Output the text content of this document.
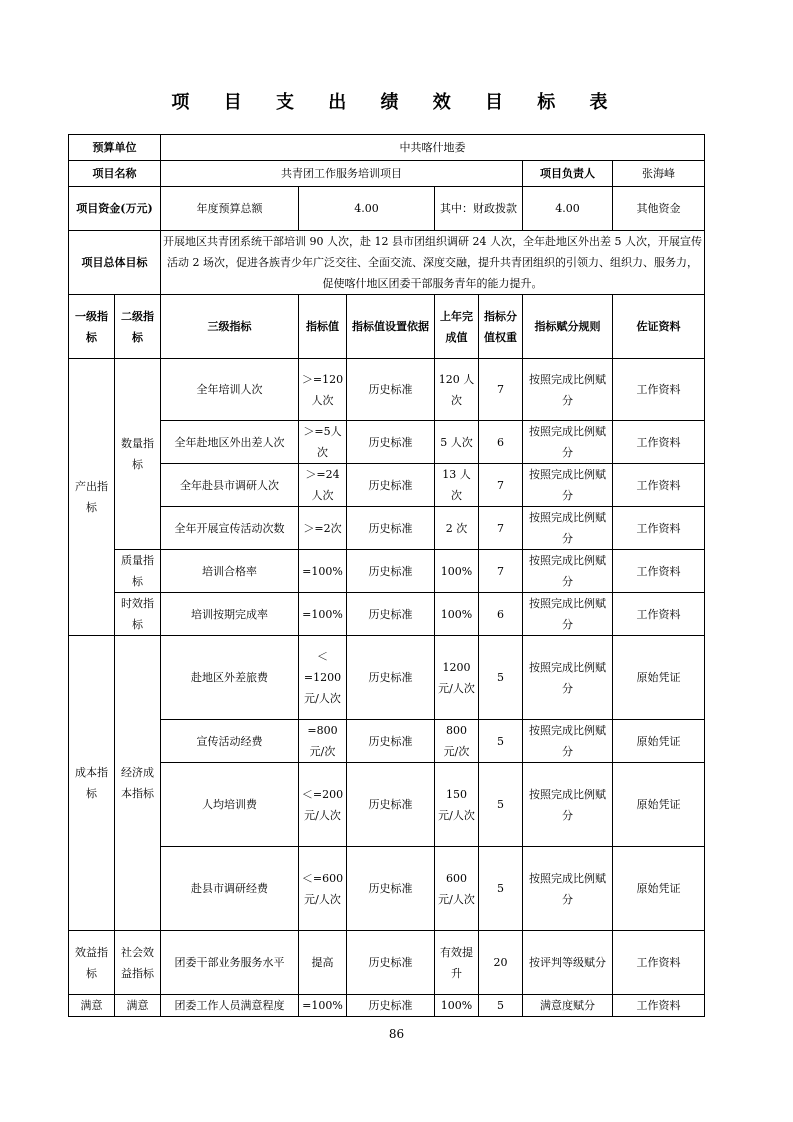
项 目 支 出 绩 效 目 标 表
预算单位		中共喀什地委							
项目名称		共青团工作服务培训项目					项目负责人	张海峰	
项目资金(万元)		年度预算总额	4.00		其中：财政拨款		4.00	其他资金	
项目总体目标		开展地区共青团系统干部培训 90 人次，赴 12 县市团组织调研 24 人次，全年赴地区外出差 5 人次，开展宣传活动 2 场次，促进各族青少年广泛交往、全面交流、深度交融，提升共青团组织的引领力、组织力、服务力，促使喀什地区团委干部服务青年的能力提升。							
一级指标	二级指标	三级指标	指标值	指标值设置依据	上年完成值	指标分值权重	指标赋分规则	佐证资料	
产出指标	数量指标	全年培训人次	＞=120人次	历史标准	120 人次	7	按照完成比例赋分	工作资料	
		全年赴地区外出差人次	＞=5人次	历史标准	5 人次	6	按照完成比例赋分	工作资料	
		全年赴县市调研人次	＞=24人次	历史标准	13 人次	7	按照完成比例赋分	工作资料	
		全年开展宣传活动次数	＞=2次	历史标准	2 次	7	按照完成比例赋分	工作资料	
	质量指标	培训合格率	=100%	历史标准	100%	7	按照完成比例赋分	工作资料	
	时效指标	培训按期完成率	=100%	历史标准	100%	6	按照完成比例赋分	工作资料	
成本指标	经济成本指标	赴地区外差旅费	＜=1200元/人次	历史标准	1200元/人次	5	按照完成比例赋分	原始凭证	
		宣传活动经费	=800元/次	历史标准	800 元/次	5	按照完成比例赋分	原始凭证	
		人均培训费	＜=200元/人次	历史标准	150 元/人次	5	按照完成比例赋分	原始凭证	
		赴县市调研经费	＜=600元/人次	历史标准	600 元/人次	5	按照完成比例赋分	原始凭证	
效益指标	社会效益指标	团委干部业务服务水平	提高	历史标准	有效提升	20	按评判等级赋分	工作资料	
满意	满意	团委工作人员满意程度	=100%	历史标准	100%	5	满意度赋分	工作资料	
86
